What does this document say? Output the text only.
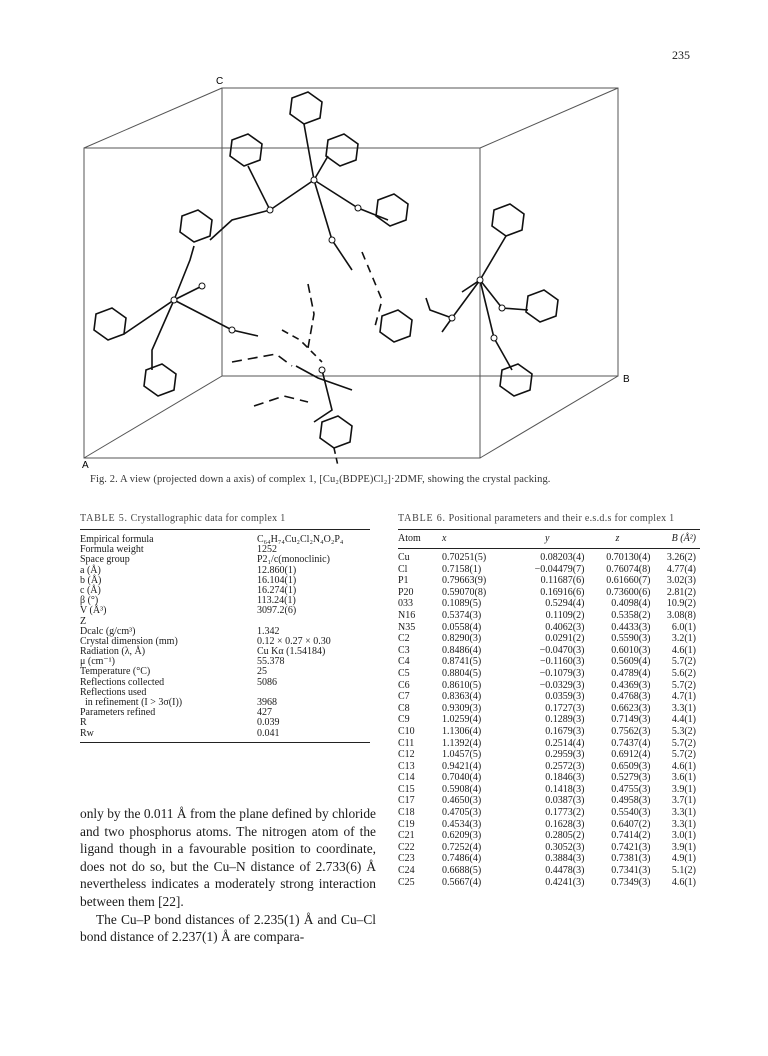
235
C
B
A
Fig. 2. A view (projected down a axis) of complex 1, [Cu₂(BDPE)Cl₂]·2DMF, showing the crystal packing.
TABLE 5. Crystallographic data for complex 1
Empirical formula	C₆₄H₇₄Cu₂Cl₂N₄O₂P₄
Formula weight	1252
Space group	P2₁/c(monoclinic)
a (Å)	12.860(1)
b (Å)	16.104(1)
c (Å)	16.274(1)
β (°)	113.24(1)
V (Å³)	3097.2(6)
Z
Dcalc (g/cm³)	1.342
Crystal dimension (mm)	0.12 × 0.27 × 0.30
Radiation (λ, Å)	Cu Kα (1.54184)
μ (cm⁻¹)	55.378
Temperature (°C)	25
Reflections collected	5086
Reflections used
in refinement (I > 3σ(I))	3968
Parameters refined	427
R	0.039
Rw	0.041
TABLE 6. Positional parameters and their e.s.d.s for complex 1
Atom	x	y	z	B (Å²)

Cu	0.70251(5)	0.08203(4)	0.70130(4)	3.26(2)
Cl	0.7158(1)	−0.04479(7)	0.76074(8)	4.77(4)
P1	0.79663(9)	0.11687(6)	0.61660(7)	3.02(3)
P20	0.59070(8)	0.16916(6)	0.73600(6)	2.81(2)
033	0.1089(5)	0.5294(4)	0.4098(4)	10.9(2)
N16	0.5374(3)	0.1109(2)	0.5358(2)	3.08(8)
N35	0.0558(4)	0.4062(3)	0.4433(3)	6.0(1)
C2	0.8290(3)	0.0291(2)	0.5590(3)	3.2(1)
C3	0.8486(4)	−0.0470(3)	0.6010(3)	4.6(1)
C4	0.8741(5)	−0.1160(3)	0.5609(4)	5.7(2)
C5	0.8804(5)	−0.1079(3)	0.4789(4)	5.6(2)
C6	0.8610(5)	−0.0329(3)	0.4369(3)	5.7(2)
C7	0.8363(4)	0.0359(3)	0.4768(3)	4.7(1)
C8	0.9309(3)	0.1727(3)	0.6623(3)	3.3(1)
C9	1.0259(4)	0.1289(3)	0.7149(3)	4.4(1)
C10	1.1306(4)	0.1679(3)	0.7562(3)	5.3(2)
C11	1.1392(4)	0.2514(4)	0.7437(4)	5.7(2)
C12	1.0457(5)	0.2959(3)	0.6912(4)	5.7(2)
C13	0.9421(4)	0.2572(3)	0.6509(3)	4.6(1)
C14	0.7040(4)	0.1846(3)	0.5279(3)	3.6(1)
C15	0.5908(4)	0.1418(3)	0.4755(3)	3.9(1)
C17	0.4650(3)	0.0387(3)	0.4958(3)	3.7(1)
C18	0.4705(3)	0.1773(2)	0.5540(3)	3.3(1)
C19	0.4534(3)	0.1628(3)	0.6407(2)	3.3(1)
C21	0.6209(3)	0.2805(2)	0.7414(2)	3.0(1)
C22	0.7252(4)	0.3052(3)	0.7421(3)	3.9(1)
C23	0.7486(4)	0.3884(3)	0.7381(3)	4.9(1)
C24	0.6688(5)	0.4478(3)	0.7341(3)	5.1(2)
C25	0.5667(4)	0.4241(3)	0.7349(3)	4.6(1)

only by the 0.011 Å from the plane defined by chloride and two phosphorus atoms. The nitrogen atom of the ligand though in a favourable position to coordinate, does not do so, but the Cu–N distance of 2.733(6) Å nevertheless indicates a moderately strong interaction between them [22].

The Cu–P bond distances of 2.235(1) Å and Cu–Cl bond distance of 2.237(1) Å are compara-
